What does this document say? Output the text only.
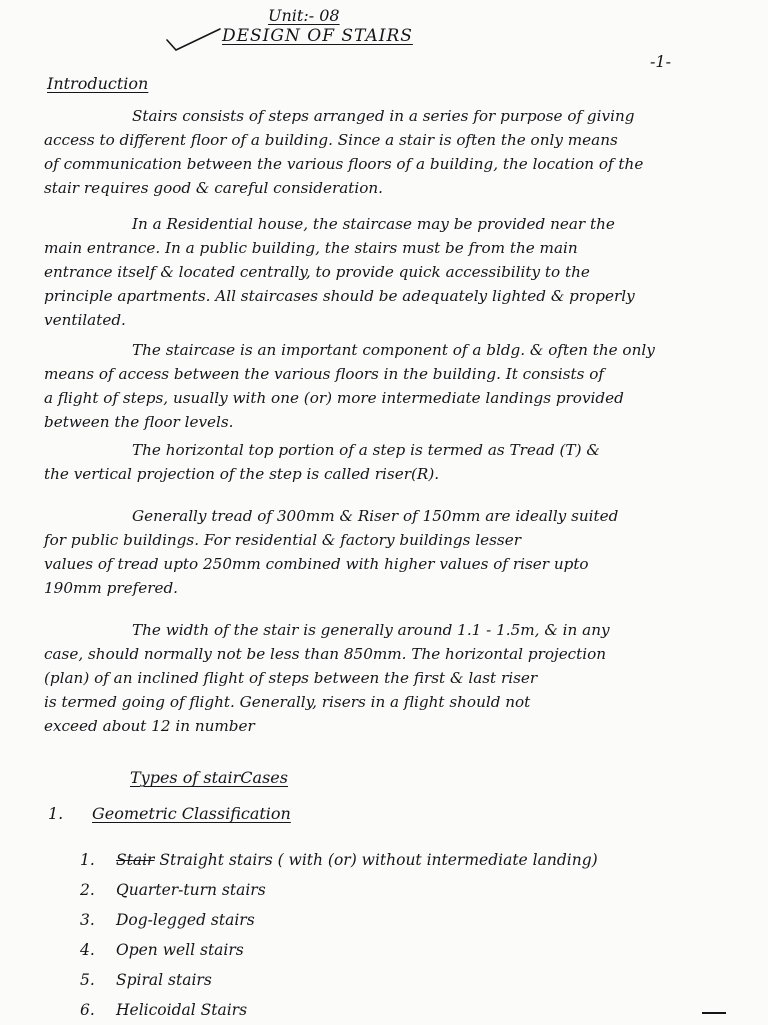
Unit:- 08
DESIGN OF STAIRS
-1-
Introduction
Stairs consists of steps arranged in a series for purpose of giving
access to different floor of a building. Since a stair is often the only means
of communication between the various floors of a building, the location of the
stair requires good & careful consideration.
In a Residential house, the staircase may be provided near the
main entrance. In a public building, the stairs must be from the main
entrance itself & located centrally, to provide quick accessibility to the
principle apartments. All staircases should be adequately lighted & properly
ventilated.
The staircase is an important component of a bldg. & often the only
means of access between the various floors in the building. It consists of
a flight of steps, usually with one (or) more intermediate landings provided
between the floor levels.
The horizontal top portion of a step is termed as Tread (T) &
the vertical projection of the step is called riser(R).
Generally tread of 300mm & Riser of 150mm are ideally suited
for public buildings. For residential & factory buildings lesser
values of tread upto 250mm combined with higher values of riser upto
190mm prefered.
The width of the stair is generally around 1.1 - 1.5m, & in any
case, should normally not be less than 850mm. The horizontal projection
(plan) of an inclined flight of steps between the first & last riser
is termed going of flight. Generally, risers in a flight should not
exceed about 12 in number
Types of stairCases
1. Geometric Classification
1. Stair Straight stairs ( with (or) without intermediate landing)
2. Quarter-turn stairs
3. Dog-legged stairs
4. Open well stairs
5. Spiral stairs
6. Helicoidal Stairs
